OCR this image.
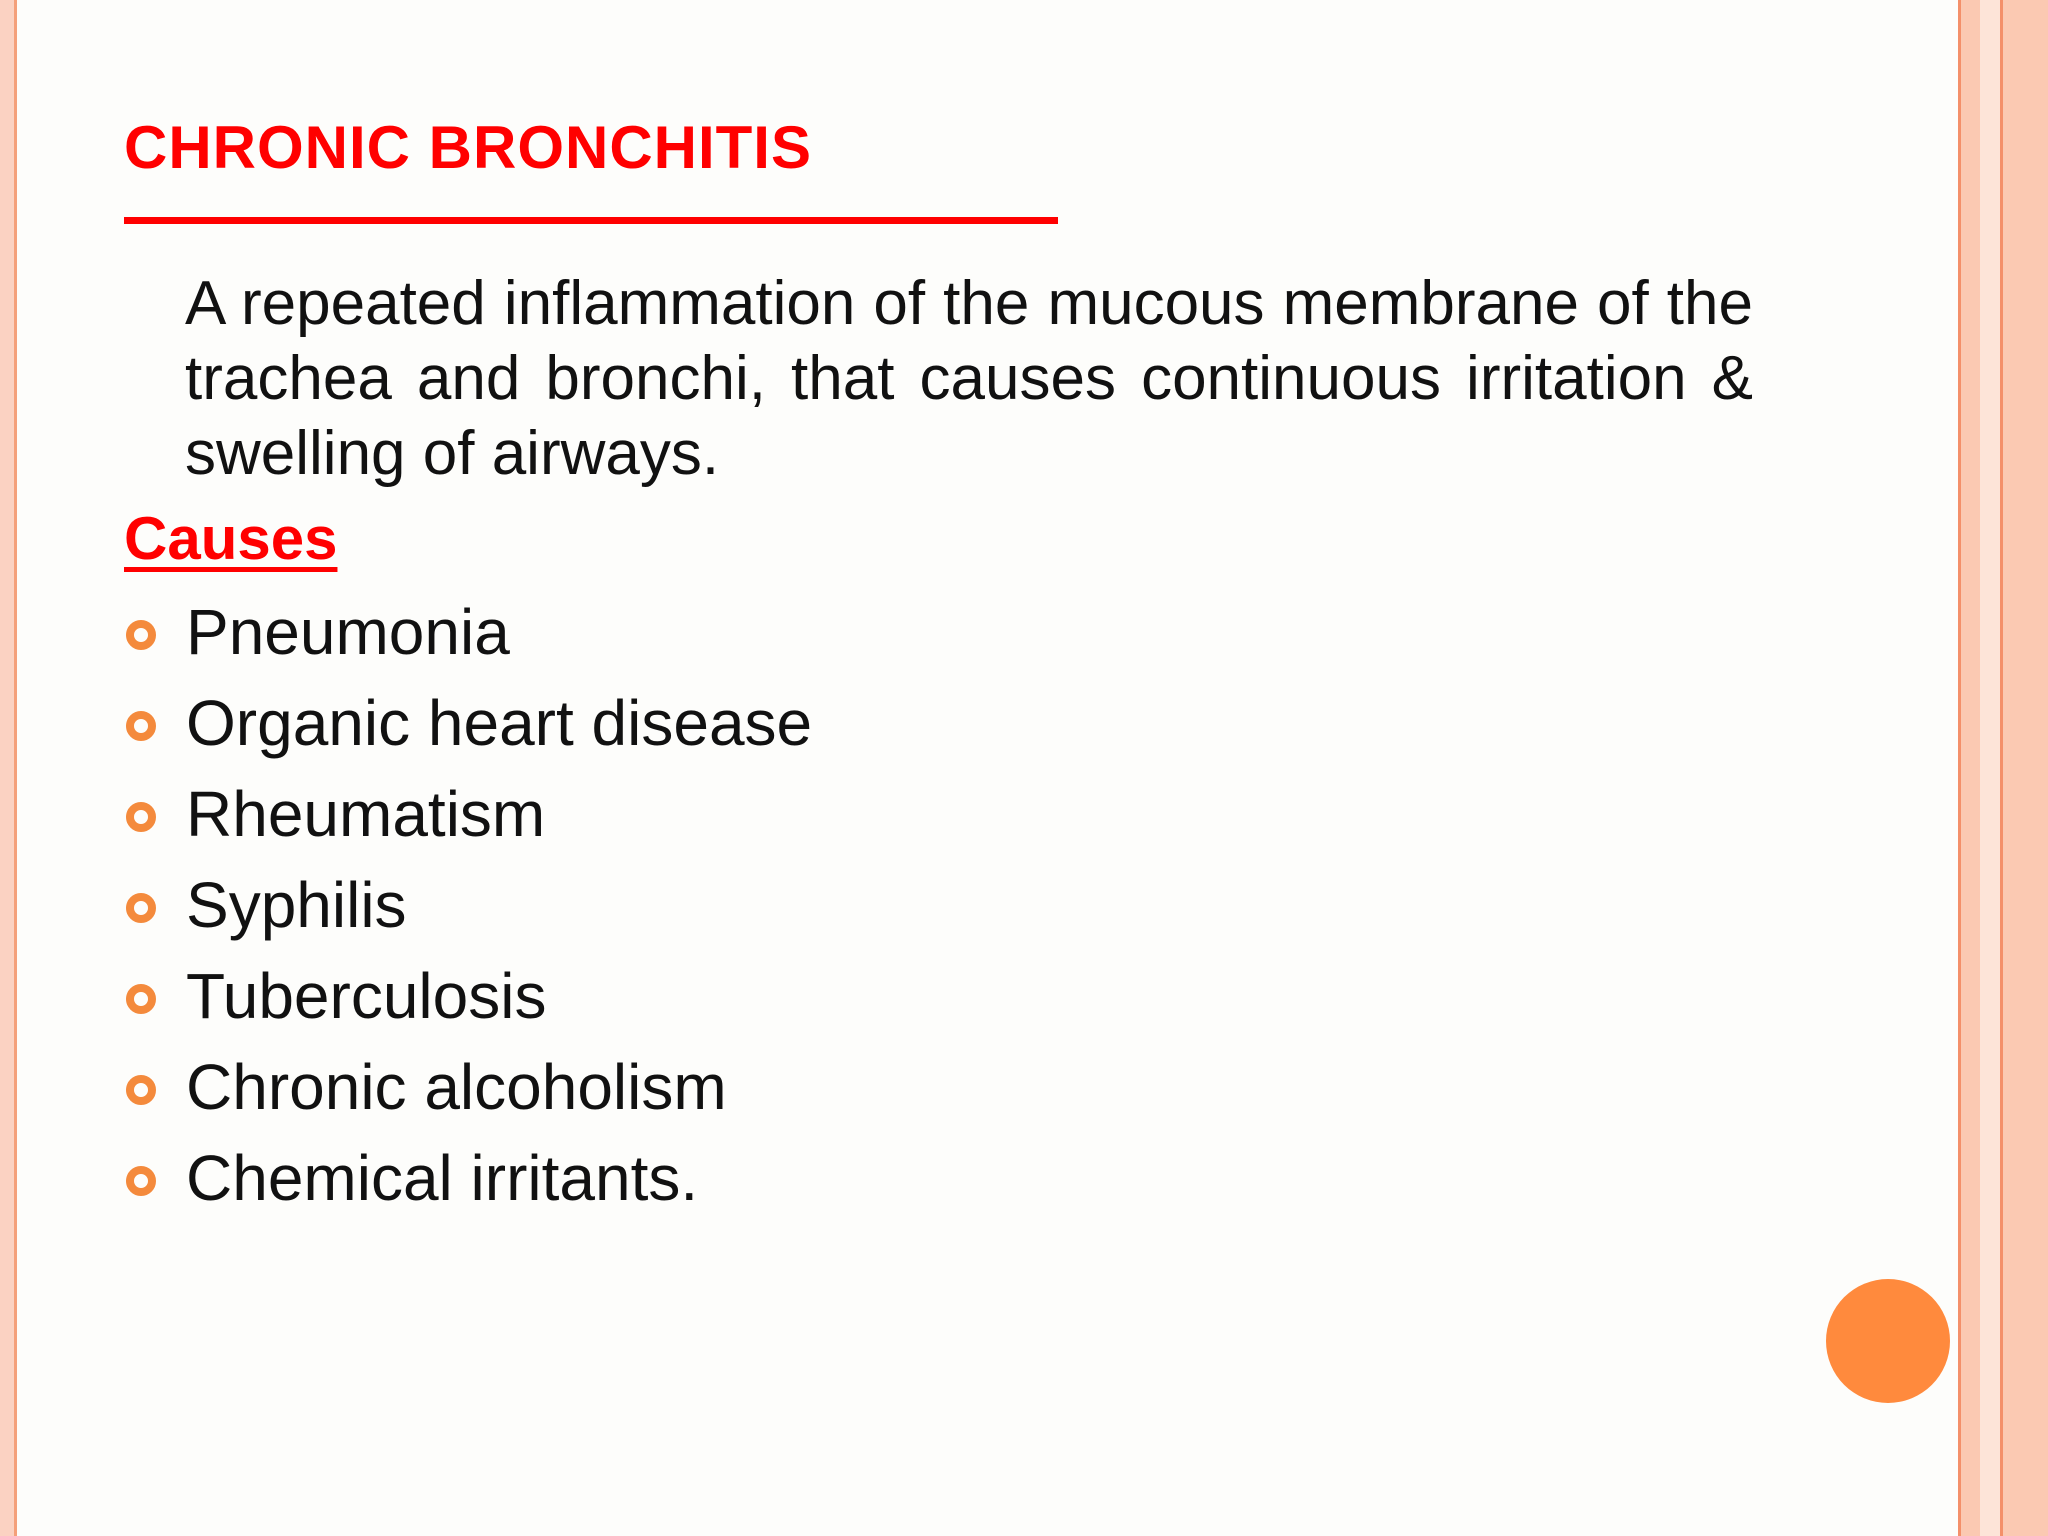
CHRONIC BRONCHITIS

A repeated inflammation of the mucous membrane of the trachea and bronchi, that causes continuous irritation & swelling of airways.

Causes
Pneumonia
Organic heart disease
Rheumatism
Syphilis
Tuberculosis
Chronic alcoholism
Chemical irritants.
